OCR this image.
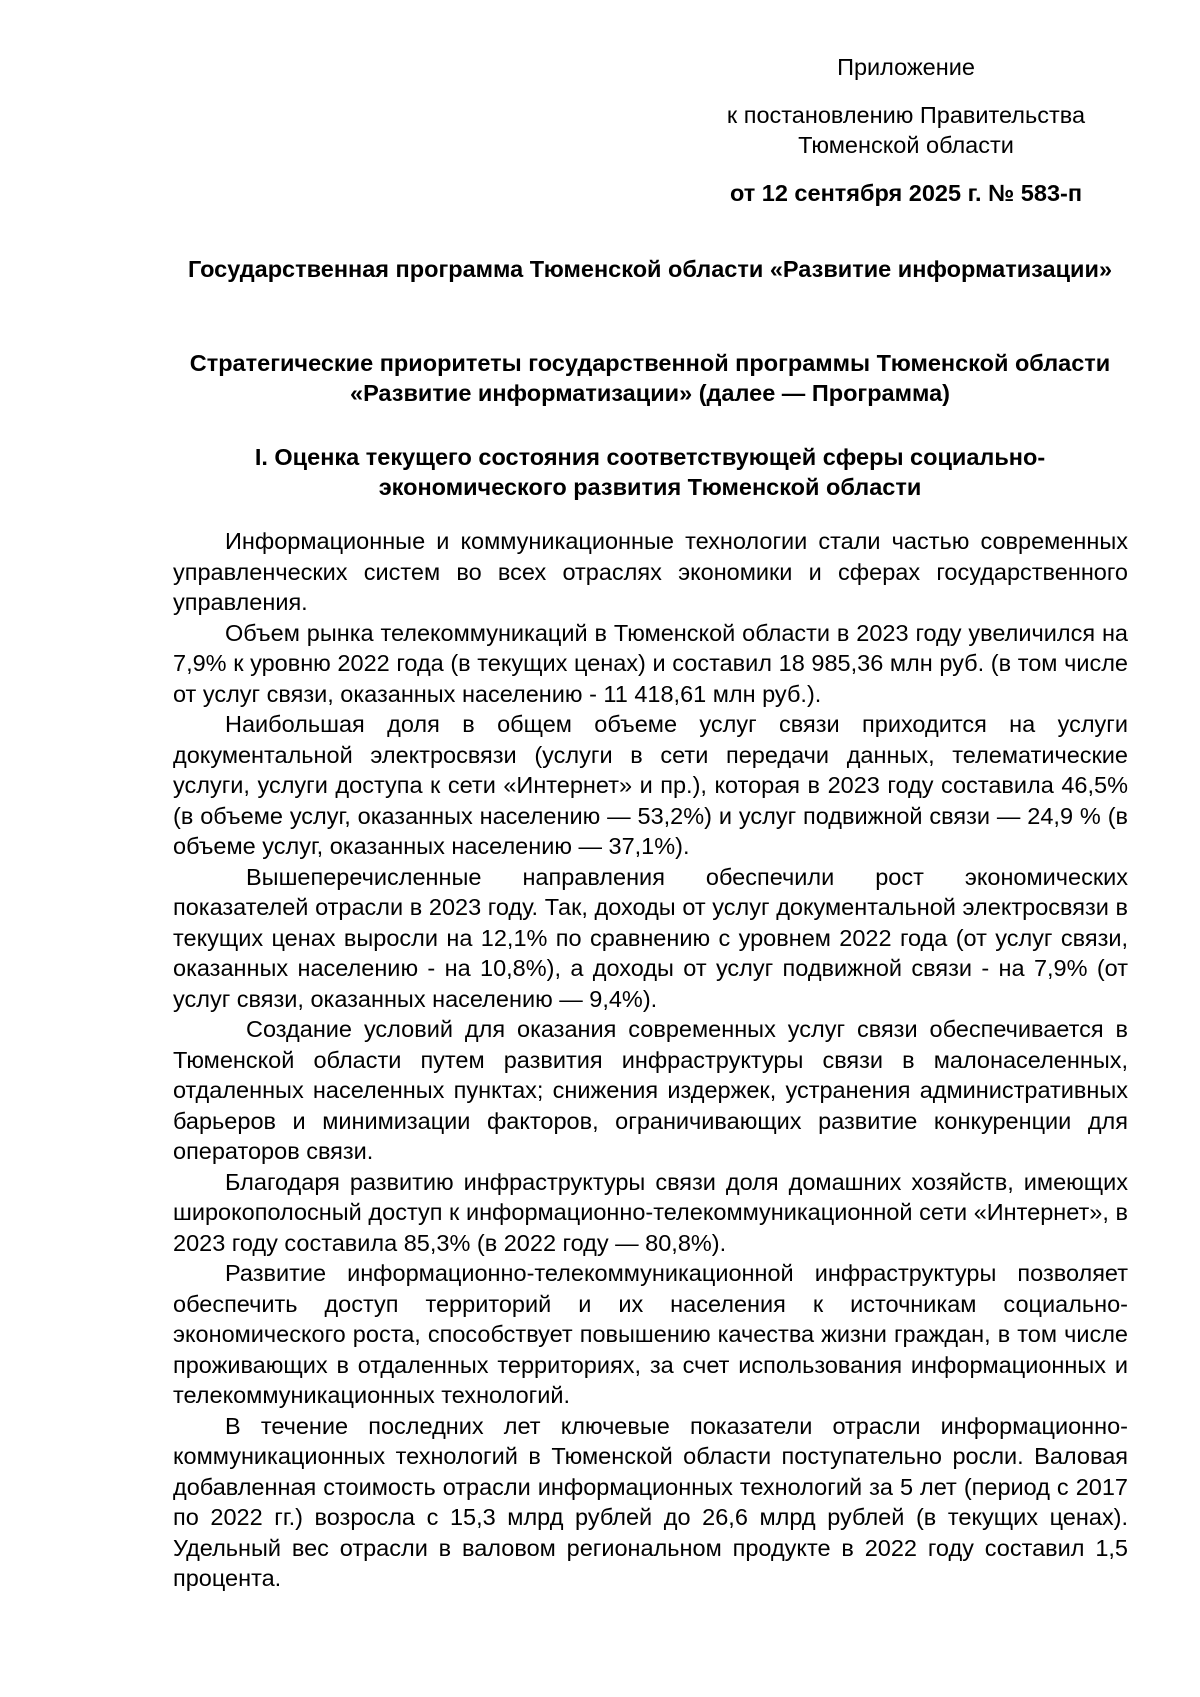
Приложение
к постановлению Правительства
Тюменской области
от 12 сентября 2025 г. № 583-п
Государственная программа Тюменской области «Развитие информатизации»
Стратегические приоритеты государственной программы Тюменской области «Развитие информатизации» (далее — Программа)
I. Оценка текущего состояния соответствующей сферы социально-экономического развития Тюменской области

Информационные и коммуникационные технологии стали частью современных управленческих систем во всех отраслях экономики и сферах государственного управления.

Объем рынка телекоммуникаций в Тюменской области в 2023 году увеличился на 7,9% к уровню 2022 года (в текущих ценах) и составил 18 985,36 млн руб. (в том числе от услуг связи, оказанных населению - 11 418,61 млн руб.).

Наибольшая доля в общем объеме услуг связи приходится на услуги документальной электросвязи (услуги в сети передачи данных, телематические услуги, услуги доступа к сети «Интернет» и пр.), которая в 2023 году составила 46,5% (в объеме услуг, оказанных населению — 53,2%) и услуг подвижной связи — 24,9 % (в объеме услуг, оказанных населению — 37,1%).

Вышеперечисленные направления обеспечили рост экономических показателей отрасли в 2023 году. Так, доходы от услуг документальной электросвязи в текущих ценах выросли на 12,1% по сравнению с уровнем 2022 года (от услуг связи, оказанных населению - на 10,8%), а доходы от услуг подвижной связи - на 7,9% (от услуг связи, оказанных населению — 9,4%).

Создание условий для оказания современных услуг связи обеспечивается в Тюменской области путем развития инфраструктуры связи в малонаселенных, отдаленных населенных пунктах; снижения издержек, устранения административных барьеров и минимизации факторов, ограничивающих развитие конкуренции для операторов связи.

Благодаря развитию инфраструктуры связи доля домашних хозяйств, имеющих широкополосный доступ к информационно-телекоммуникационной сети «Интернет», в 2023 году составила 85,3% (в 2022 году — 80,8%).

Развитие информационно-телекоммуникационной инфраструктуры позволяет обеспечить доступ территорий и их населения к источникам социально-экономического роста, способствует повышению качества жизни граждан, в том числе проживающих в отдаленных территориях, за счет использования информационных и телекоммуникационных технологий.

В течение последних лет ключевые показатели отрасли информационно-коммуникационных технологий в Тюменской области поступательно росли. Валовая добавленная стоимость отрасли информационных технологий за 5 лет (период с 2017 по 2022 гг.) возросла с 15,3 млрд рублей до 26,6 млрд рублей (в текущих ценах). Удельный вес отрасли в валовом региональном продукте в 2022 году составил 1,5 процента.
